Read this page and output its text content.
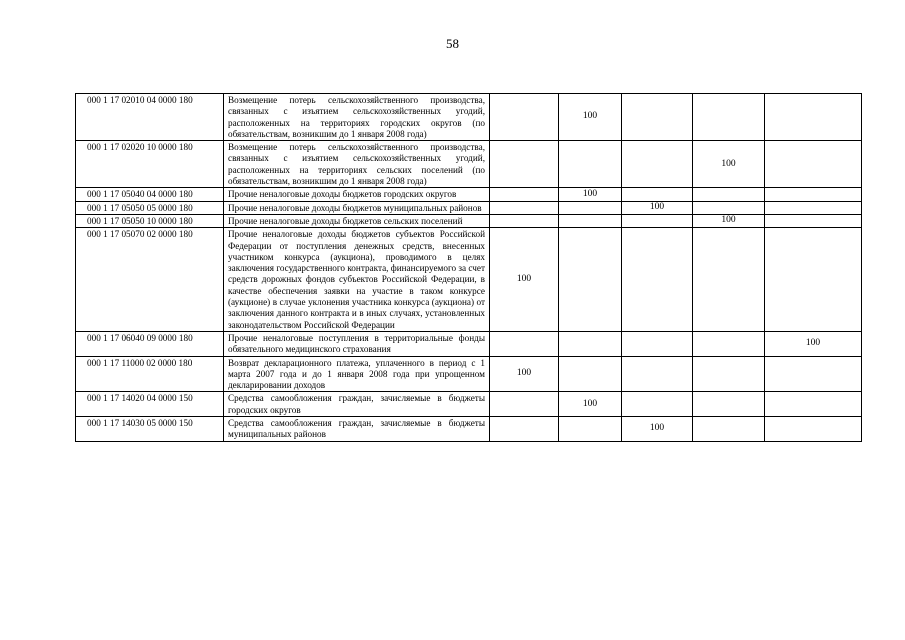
58
000 1 17 02010 04 0000 180	Возмещение потерь сельскохозяйственного производства, связанных с изъятием сельскохозяйственных угодий, расположенных на территориях городских округов (по обязательствам, возникшим до 1 января 2008 года)		100			
000 1 17 02020 10 0000 180	Возмещение потерь сельскохозяйственного производства, связанных с изъятием сельскохозяйственных угодий, расположенных на территориях сельских поселений (по обязательствам, возникшим до 1 января 2008 года)				100	
000 1 17 05040 04 0000 180	Прочие неналоговые доходы бюджетов городских округов		100			
000 1 17 05050 05 0000 180	Прочие неналоговые доходы бюджетов муниципальных районов			100		
000 1 17 05050 10 0000 180	Прочие неналоговые доходы бюджетов сельских поселений				100	
000 1 17 05070 02 0000 180	Прочие неналоговые доходы бюджетов субъектов Российской Федерации от поступления денежных средств, внесенных участником конкурса (аукциона), проводимого в целях заключения государственного контракта, финансируемого за счет средств дорожных фондов субъектов Российской Федерации, в качестве обеспечения заявки на участие в таком конкурсе (аукционе) в случае уклонения участника конкурса (аукциона) от заключения данного контракта и в иных случаях, установленных законодательством Российской Федерации	100				
000 1 17 06040 09 0000 180	Прочие неналоговые поступления в территориальные фонды обязательного медицинского страхования					100
000 1 17 11000 02 0000 180	Возврат декларационного платежа, уплаченного в период с 1 марта 2007 года и до 1 января 2008 года при упрощенном декларировании доходов	100				
000 1 17 14020 04 0000 150	Средства самообложения граждан, зачисляемые в бюджеты городских округов		100			
000 1 17 14030 05 0000 150	Средства самообложения граждан, зачисляемые в бюджеты муниципальных районов			100		
